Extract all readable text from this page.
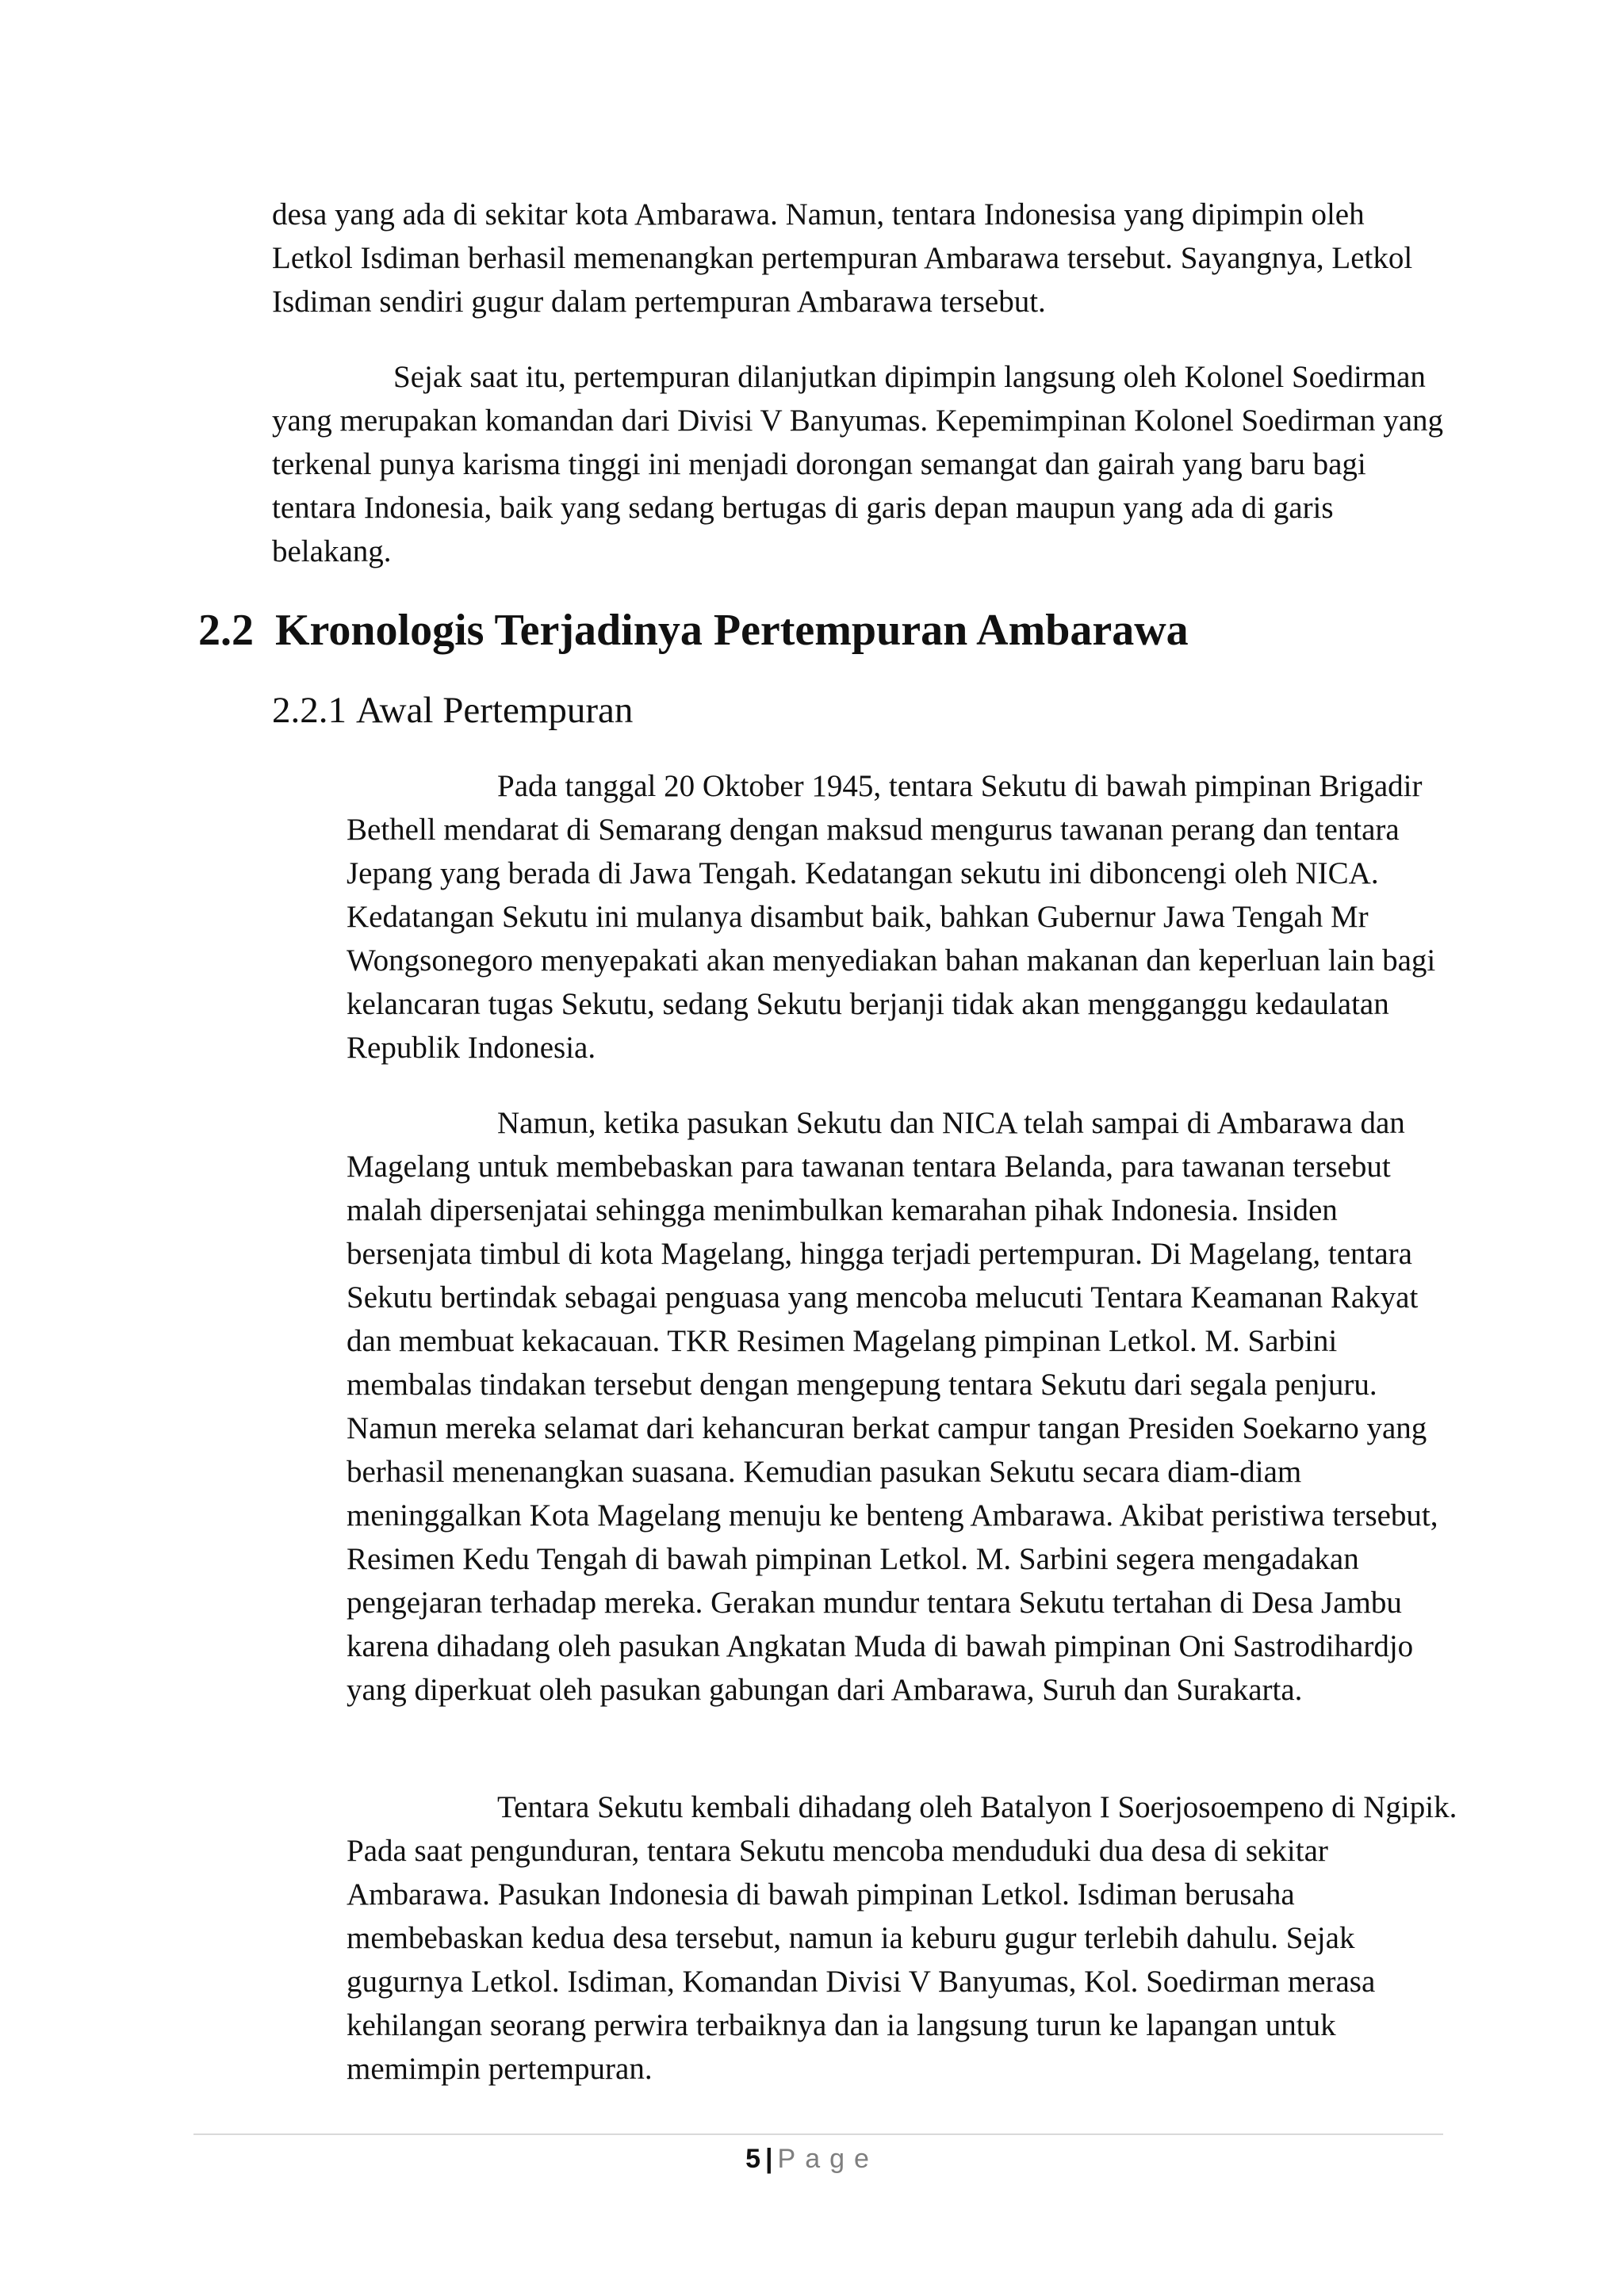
desa yang ada di sekitar kota Ambarawa. Namun, tentara Indonesisa yang dipimpin oleh Letkol Isdiman berhasil memenangkan pertempuran Ambarawa tersebut. Sayangnya, Letkol Isdiman sendiri gugur dalam pertempuran Ambarawa tersebut.

Sejak saat itu, pertempuran dilanjutkan dipimpin langsung oleh Kolonel Soedirman yang merupakan komandan dari Divisi V Banyumas. Kepemimpinan Kolonel Soedirman yang terkenal punya karisma tinggi ini menjadi dorongan semangat dan gairah yang baru bagi tentara Indonesia, baik yang sedang bertugas di garis depan maupun yang ada di garis belakang.

2.2 Kronologis Terjadinya Pertempuran Ambarawa
2.2.1 Awal Pertempuran

Pada tanggal 20 Oktober 1945, tentara Sekutu di bawah pimpinan Brigadir Bethell mendarat di Semarang dengan maksud mengurus tawanan perang dan tentara Jepang yang berada di Jawa Tengah. Kedatangan sekutu ini diboncengi oleh NICA. Kedatangan Sekutu ini mulanya disambut baik, bahkan Gubernur Jawa Tengah Mr Wongsonegoro menyepakati akan menyediakan bahan makanan dan keperluan lain bagi kelancaran tugas Sekutu, sedang Sekutu berjanji tidak akan mengganggu kedaulatan Republik Indonesia.

Namun, ketika pasukan Sekutu dan NICA telah sampai di Ambarawa dan Magelang untuk membebaskan para tawanan tentara Belanda, para tawanan tersebut malah dipersenjatai sehingga menimbulkan kemarahan pihak Indonesia. Insiden bersenjata timbul di kota Magelang, hingga terjadi pertempuran. Di Magelang, tentara Sekutu bertindak sebagai penguasa yang mencoba melucuti Tentara Keamanan Rakyat dan membuat kekacauan. TKR Resimen Magelang pimpinan Letkol. M. Sarbini membalas tindakan tersebut dengan mengepung tentara Sekutu dari segala penjuru. Namun mereka selamat dari kehancuran berkat campur tangan Presiden Soekarno yang berhasil menenangkan suasana. Kemudian pasukan Sekutu secara diam-diam meninggalkan Kota Magelang menuju ke benteng Ambarawa. Akibat peristiwa tersebut, Resimen Kedu Tengah di bawah pimpinan Letkol. M. Sarbini segera mengadakan pengejaran terhadap mereka. Gerakan mundur tentara Sekutu tertahan di Desa Jambu karena dihadang oleh pasukan Angkatan Muda di bawah pimpinan Oni Sastrodihardjo yang diperkuat oleh pasukan gabungan dari Ambarawa, Suruh dan Surakarta.

Tentara Sekutu kembali dihadang oleh Batalyon I Soerjosoempeno di Ngipik. Pada saat pengunduran, tentara Sekutu mencoba menduduki dua desa di sekitar Ambarawa. Pasukan Indonesia di bawah pimpinan Letkol. Isdiman berusaha membebaskan kedua desa tersebut, namun ia keburu gugur terlebih dahulu. Sejak gugurnya Letkol. Isdiman, Komandan Divisi V Banyumas, Kol. Soedirman merasa kehilangan seorang perwira terbaiknya dan ia langsung turun ke lapangan untuk memimpin pertempuran.

5 | Page
